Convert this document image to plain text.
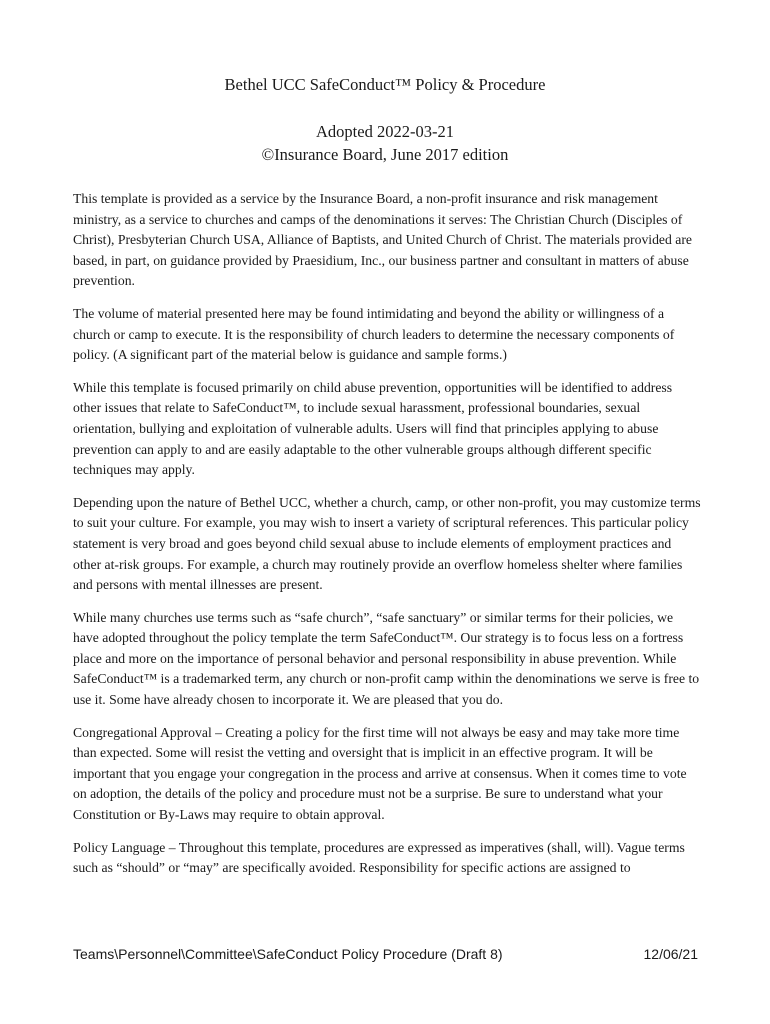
Bethel UCC SafeConduct™ Policy & Procedure
Adopted 2022-03-21
©Insurance Board, June 2017 edition

This template is provided as a service by the Insurance Board, a non-profit insurance and risk management ministry, as a service to churches and camps of the denominations it serves: The Christian Church (Disciples of Christ), Presbyterian Church USA, Alliance of Baptists, and United Church of Christ. The materials provided are based, in part, on guidance provided by Praesidium, Inc., our business partner and consultant in matters of abuse prevention.

The volume of material presented here may be found intimidating and beyond the ability or willingness of a church or camp to execute. It is the responsibility of church leaders to determine the necessary components of policy. (A significant part of the material below is guidance and sample forms.)

While this template is focused primarily on child abuse prevention, opportunities will be identified to address other issues that relate to SafeConduct™, to include sexual harassment, professional boundaries, sexual orientation, bullying and exploitation of vulnerable adults. Users will find that principles applying to abuse prevention can apply to and are easily adaptable to the other vulnerable groups although different specific techniques may apply.

Depending upon the nature of Bethel UCC, whether a church, camp, or other non-profit, you may customize terms to suit your culture. For example, you may wish to insert a variety of scriptural references. This particular policy statement is very broad and goes beyond child sexual abuse to include elements of employment practices and other at-risk groups. For example, a church may routinely provide an overflow homeless shelter where families and persons with mental illnesses are present.

While many churches use terms such as “safe church”, “safe sanctuary” or similar terms for their policies, we have adopted throughout the policy template the term SafeConduct™. Our strategy is to focus less on a fortress place and more on the importance of personal behavior and personal responsibility in abuse prevention. While SafeConduct™ is a trademarked term, any church or non-profit camp within the denominations we serve is free to use it. Some have already chosen to incorporate it. We are pleased that you do.

Congregational Approval – Creating a policy for the first time will not always be easy and may take more time than expected. Some will resist the vetting and oversight that is implicit in an effective program. It will be important that you engage your congregation in the process and arrive at consensus. When it comes time to vote on adoption, the details of the policy and procedure must not be a surprise. Be sure to understand what your Constitution or By-Laws may require to obtain approval.

Policy Language – Throughout this template, procedures are expressed as imperatives (shall, will). Vague terms such as “should” or “may” are specifically avoided. Responsibility for specific actions are assigned to

Teams\Personnel\Committee\SafeConduct Policy Procedure (Draft 8)	12/06/21
